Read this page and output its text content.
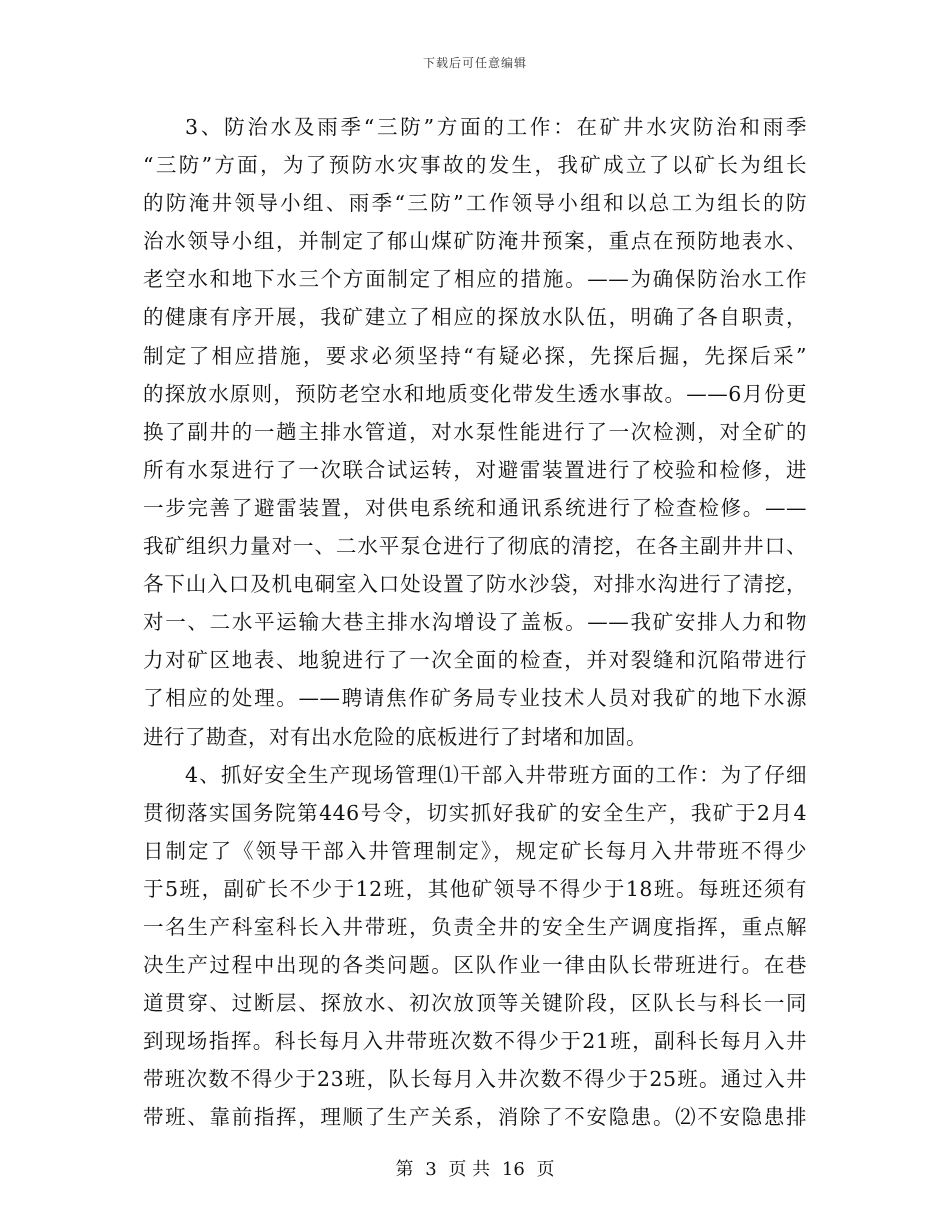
下载后可任意编辑
3、防治水及雨季“三防”方面的工作：在矿井水灾防治和雨季
“三防”方面，为了预防水灾事故的发生，我矿成立了以矿长为组长
的防淹井领导小组、雨季“三防”工作领导小组和以总工为组长的防
治水领导小组，并制定了郁山煤矿防淹井预案，重点在预防地表水、
老空水和地下水三个方面制定了相应的措施。——为确保防治水工作
的健康有序开展，我矿建立了相应的探放水队伍，明确了各自职责，
制定了相应措施，要求必须坚持“有疑必探，先探后掘，先探后采”
的探放水原则，预防老空水和地质变化带发生透水事故。——6月份更
换了副井的一趟主排水管道，对水泵性能进行了一次检测，对全矿的
所有水泵进行了一次联合试运转，对避雷装置进行了校验和检修，进
一步完善了避雷装置，对供电系统和通讯系统进行了检查检修。——
我矿组织力量对一、二水平泵仓进行了彻底的清挖，在各主副井井口、
各下山入口及机电硐室入口处设置了防水沙袋，对排水沟进行了清挖，
对一、二水平运输大巷主排水沟增设了盖板。——我矿安排人力和物
力对矿区地表、地貌进行了一次全面的检查，并对裂缝和沉陷带进行
了相应的处理。——聘请焦作矿务局专业技术人员对我矿的地下水源
进行了勘查，对有出水危险的底板进行了封堵和加固。
4、抓好安全生产现场管理⑴干部入井带班方面的工作：为了仔细
贯彻落实国务院第446号令，切实抓好我矿的安全生产，我矿于2月4
日制定了《领导干部入井管理制定》，规定矿长每月入井带班不得少
于5班，副矿长不少于12班，其他矿领导不得少于18班。每班还须有
一名生产科室科长入井带班，负责全井的安全生产调度指挥，重点解
决生产过程中出现的各类问题。区队作业一律由队长带班进行。在巷
道贯穿、过断层、探放水、初次放顶等关键阶段，区队长与科长一同
到现场指挥。科长每月入井带班次数不得少于21班，副科长每月入井
带班次数不得少于23班，队长每月入井次数不得少于25班。通过入井
带班、靠前指挥，理顺了生产关系，消除了不安隐患。⑵不安隐患排
第 3 页 共 16 页
